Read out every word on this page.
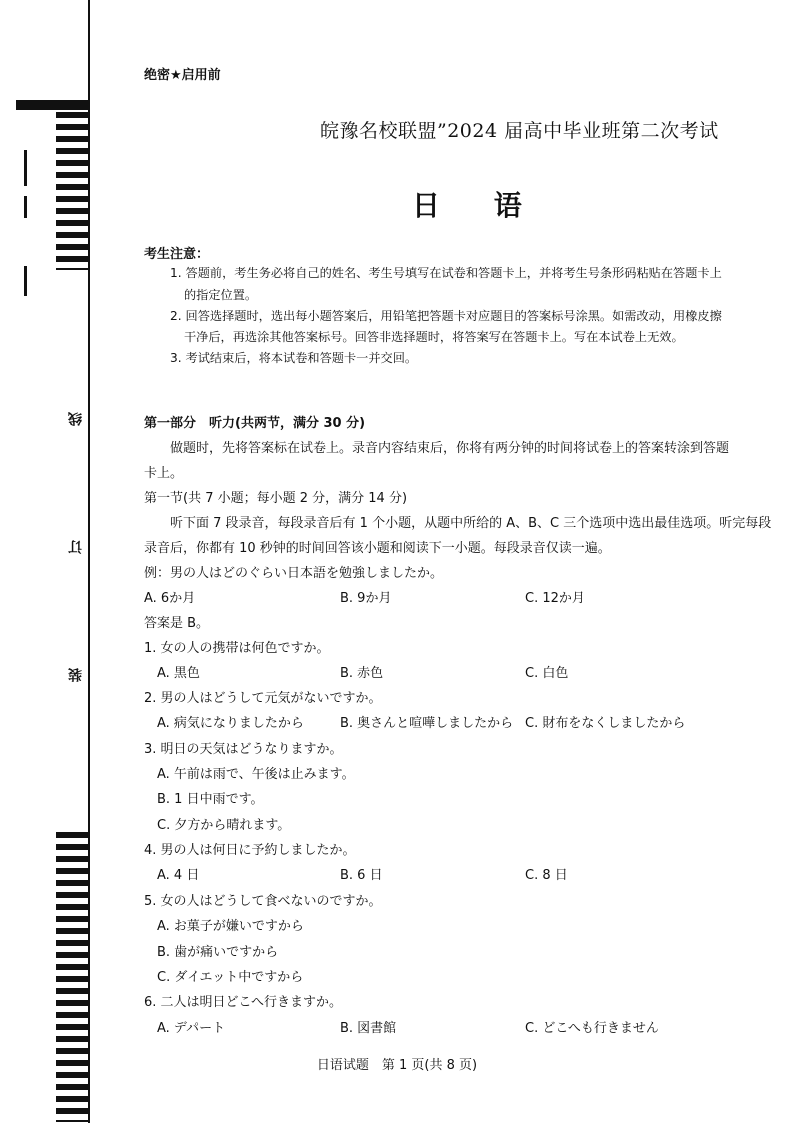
线
订
装
绝密★启用前
皖豫名校联盟”2024 届高中毕业班第二次考试
日 语
考生注意：
1. 答题前，考生务必将自己的姓名、考生号填写在试卷和答题卡上，并将考生号条形码粘贴在答题卡上
的指定位置。
2. 回答选择题时，选出每小题答案后，用铅笔把答题卡对应题目的答案标号涂黑。如需改动，用橡皮擦
干净后，再选涂其他答案标号。回答非选择题时，将答案写在答题卡上。写在本试卷上无效。
3. 考试结束后，将本试卷和答题卡一并交回。
第一部分　听力(共两节，满分 30 分)
做题时，先将答案标在试卷上。录音内容结束后，你将有两分钟的时间将试卷上的答案转涂到答题
卡上。
第一节(共 7 小题；每小题 2 分，满分 14 分)
听下面 7 段录音，每段录音后有 1 个小题，从题中所给的 A、B、C 三个选项中选出最佳选项。听完每段
录音后，你都有 10 秒钟的时间回答该小题和阅读下一小题。每段录音仅读一遍。
例：男の人はどのぐらい日本語を勉強しましたか。
A. 6か月	B. 9か月	C. 12か月
答案是 B。
1. 女の人の携帯は何色ですか。
A. 黒色	B. 赤色	C. 白色
2. 男の人はどうして元気がないですか。
A. 病気になりましたから	B. 奥さんと喧嘩しましたから C. 財布をなくしましたから
3. 明日の天気はどうなりますか。
A. 午前は雨で、午後は止みます。
B. 1 日中雨です。
C. 夕方から晴れます。
4. 男の人は何日に予約しましたか。
A. 4 日	B. 6 日	C. 8 日
5. 女の人はどうして食べないのですか。
A. お菓子が嫌いですから
B. 歯が痛いですから
C. ダイエット中ですから
6. 二人は明日どこへ行きますか。
A. デパート	B. 図書館	C. どこへも行きません
日语试题　第 1 页(共 8 页)
